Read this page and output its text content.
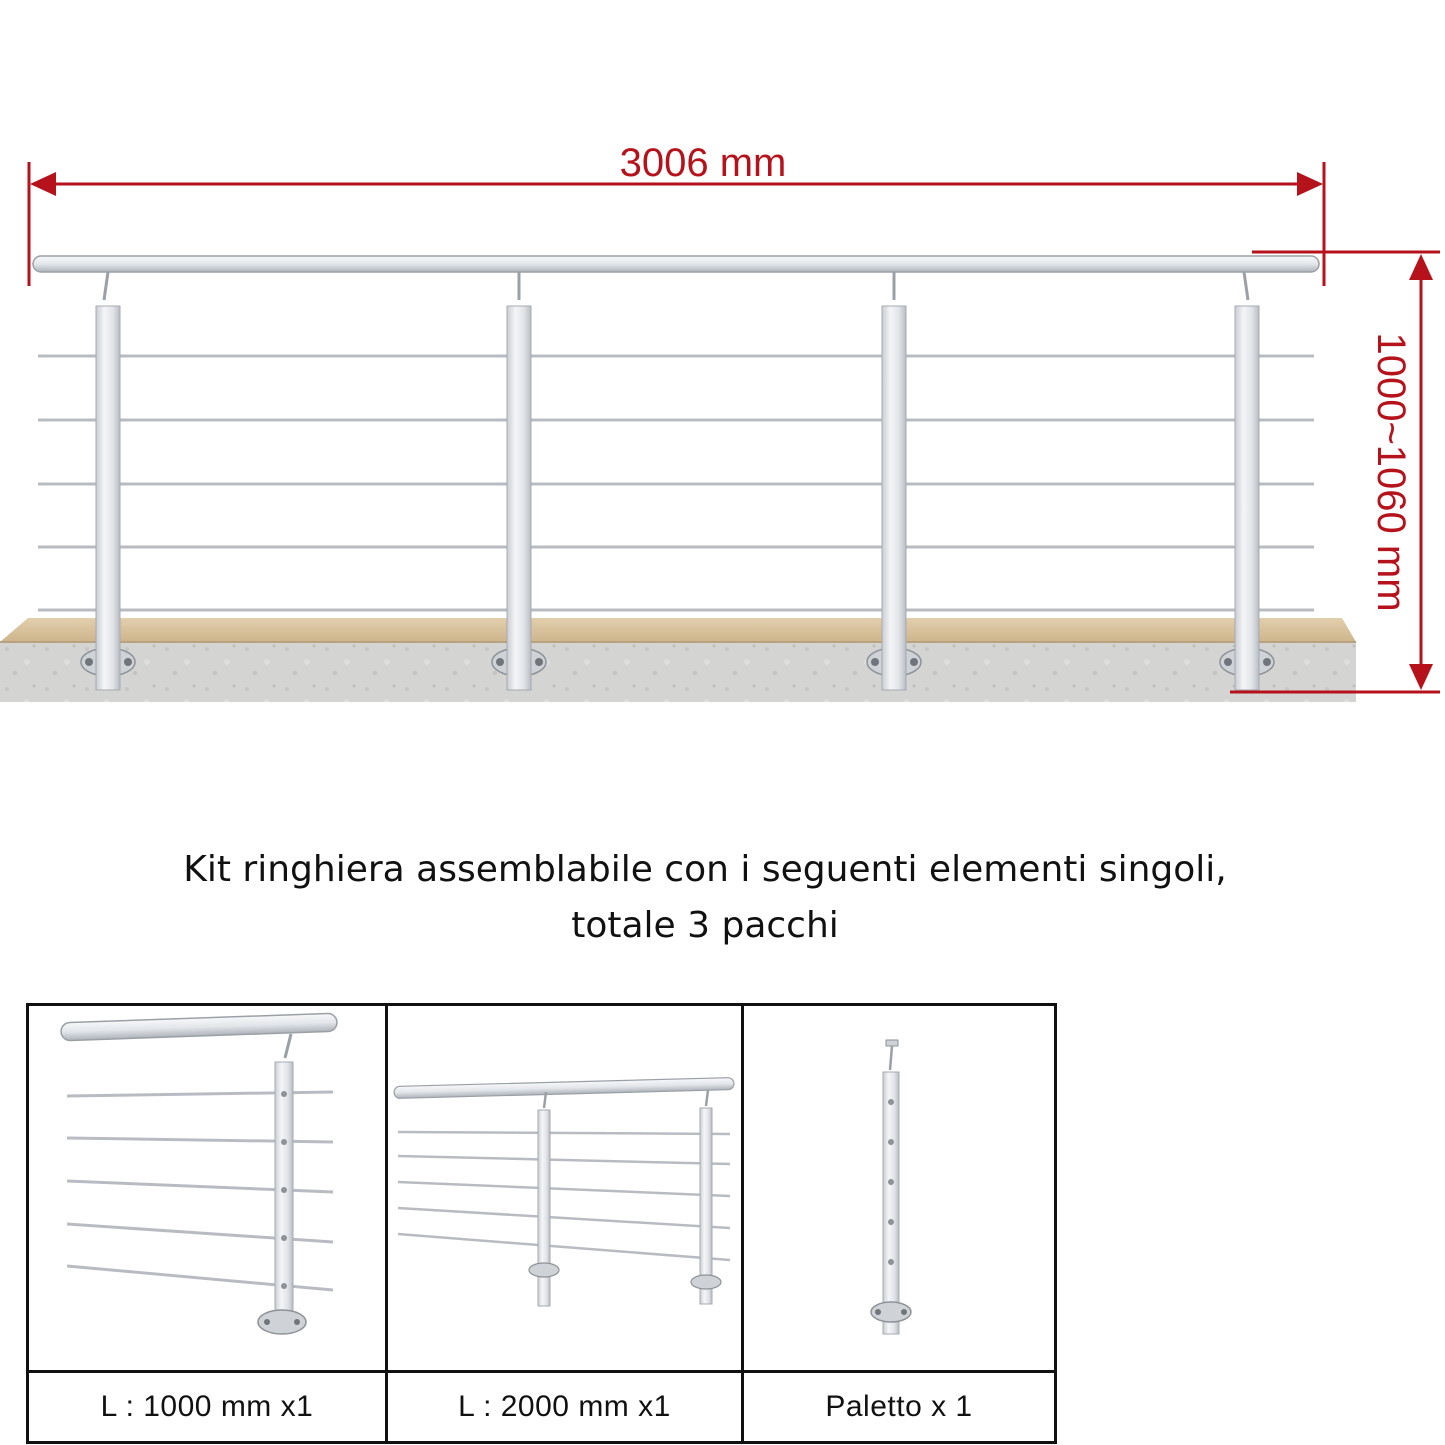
3006 mm
1000~1060 mm
Kit ringhiera assemblabile con i seguenti elementi singoli,
totale 3 pacchi
L : 1000 mm x1	L : 2000 mm x1	Paletto x 1
